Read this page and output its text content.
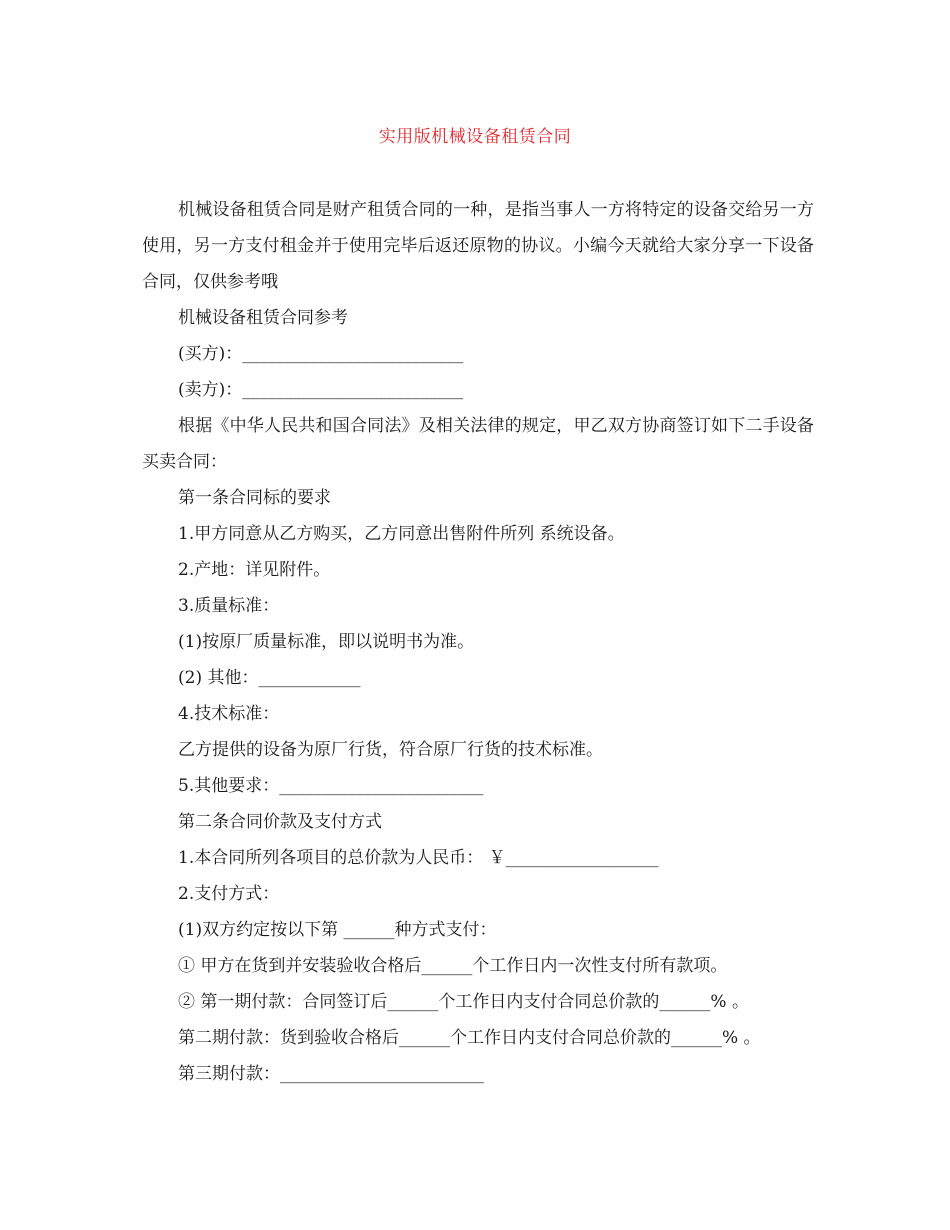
实用版机械设备租赁合同

机械设备租赁合同是财产租赁合同的一种，是指当事人一方将特定的设备交给另一方使用，另一方支付租金并于使用完毕后返还原物的协议。小编今天就给大家分享一下设备合同，仅供参考哦

机械设备租赁合同参考

(买方)：__________________________

(卖方)：__________________________

根据《中华人民共和国合同法》及相关法律的规定，甲乙双方协商签订如下二手设备买卖合同：

第一条合同标的要求

1.甲方同意从乙方购买，乙方同意出售附件所列 系统设备。

2.产地：详见附件。

3.质量标准：

(1)按原厂质量标准，即以说明书为准。

(2) 其他：____________

4.技术标准：

乙方提供的设备为原厂行货，符合原厂行货的技术标准。

5.其他要求：________________________

第二条合同价款及支付方式

1.本合同所列各项目的总价款为人民币： ￥__________________

2.支付方式：

(1)双方约定按以下第 ______种方式支付：

① 甲方在货到并安装验收合格后______个工作日内一次性支付所有款项。

② 第一期付款：合同签订后______个工作日内支付合同总价款的______% 。

第二期付款：货到验收合格后______个工作日内支付合同总价款的______% 。

第三期付款：________________________
